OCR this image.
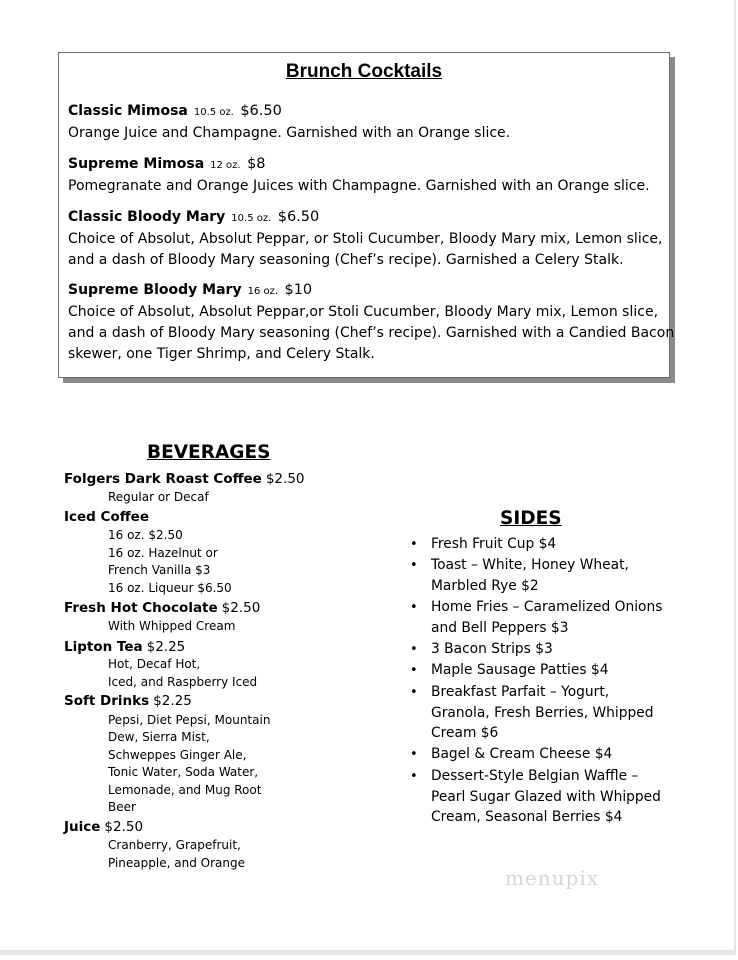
Brunch Cocktails
Classic Mimosa 10.5 oz. $6.50
Orange Juice and Champagne. Garnished with an Orange slice.
Supreme Mimosa 12 oz. $8
Pomegranate and Orange Juices with Champagne. Garnished with an Orange slice.
Classic Bloody Mary 10.5 oz. $6.50
Choice of Absolut, Absolut Peppar, or Stoli Cucumber, Bloody Mary mix, Lemon slice,
and a dash of Bloody Mary seasoning (Chef’s recipe). Garnished a Celery Stalk.
Supreme Bloody Mary 16 oz. $10
Choice of Absolut, Absolut Peppar,or Stoli Cucumber, Bloody Mary mix, Lemon slice,
and a dash of Bloody Mary seasoning (Chef’s recipe). Garnished with a Candied Bacon
skewer, one Tiger Shrimp, and Celery Stalk.
BEVERAGES
Folgers Dark Roast Coffee $2.50
Regular or Decaf
Iced Coffee
16 oz. $2.50
16 oz. Hazelnut or
French Vanilla $3
16 oz. Liqueur $6.50
Fresh Hot Chocolate $2.50
With Whipped Cream
Lipton Tea $2.25
Hot, Decaf Hot,
Iced, and Raspberry Iced
Soft Drinks $2.25
Pepsi, Diet Pepsi, Mountain
Dew, Sierra Mist,
Schweppes Ginger Ale,
Tonic Water, Soda Water,
Lemonade, and Mug Root
Beer
Juice $2.50
Cranberry, Grapefruit,
Pineapple, and Orange
SIDES
• Fresh Fruit Cup $4
• Toast – White, Honey Wheat,
Marbled Rye $2
• Home Fries – Caramelized Onions
and Bell Peppers $3
• 3 Bacon Strips $3
• Maple Sausage Patties $4
• Breakfast Parfait – Yogurt,
Granola, Fresh Berries, Whipped
Cream $6
• Bagel & Cream Cheese $4
• Dessert-Style Belgian Waffle –
Pearl Sugar Glazed with Whipped
Cream, Seasonal Berries $4
menupix
